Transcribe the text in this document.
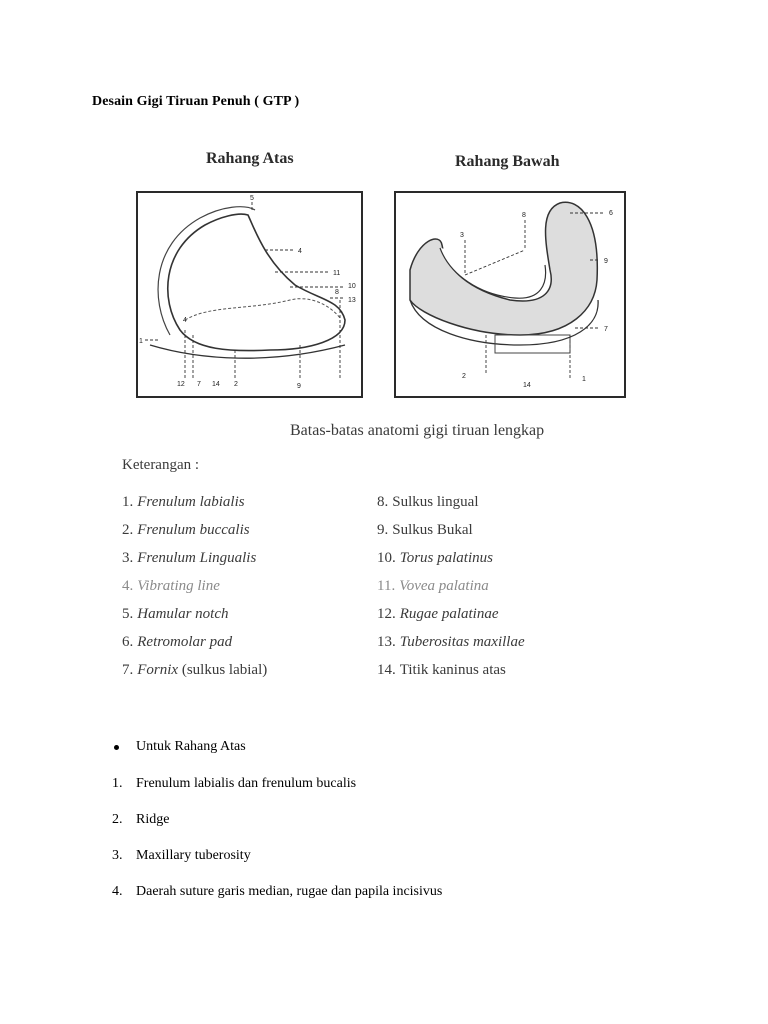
Desain Gigi Tiruan Penuh ( GTP )
Rahang Atas	Rahang Bawah
5
4
11
10
8
13
4
1
12 7 14 2	9
8	6
3
9
7
2
14
1
Batas-batas anatomi gigi tiruan lengkap
Keterangan :
1. Frenulum labialis
2. Frenulum buccalis
3. Frenulum Lingualis
4. Vibrating line
5. Hamular notch
6. Retromolar pad
7. Fornix (sulkus labial)
8. Sulkus lingual
9. Sulkus Bukal
10. Torus palatinus
11. Vovea palatina
12. Rugae palatinae
13. Tuberositas maxillae
14. Titik kaninus atas
Untuk Rahang Atas
1. Frenulum labialis dan frenulum bucalis
2. Ridge
3. Maxillary tuberosity
4. Daerah suture garis median, rugae dan papila incisivus
